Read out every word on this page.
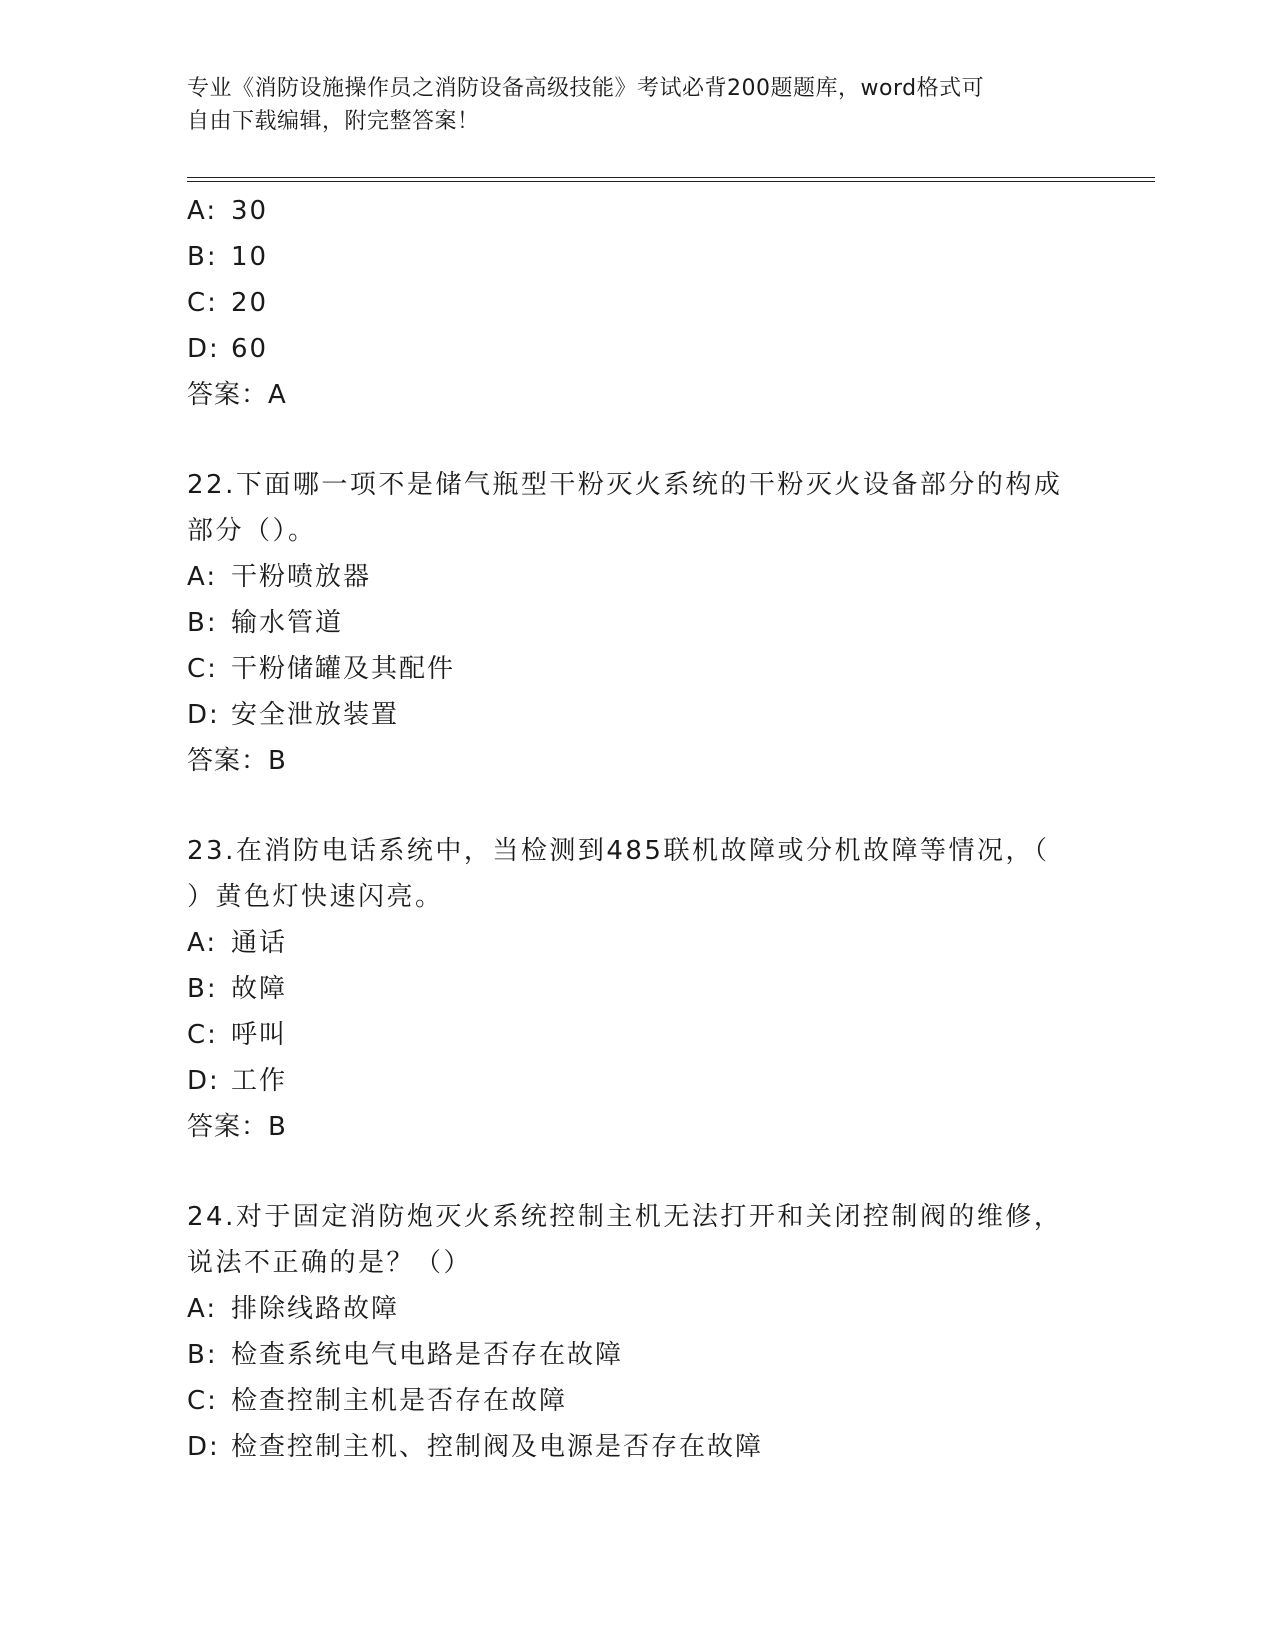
专业《消防设施操作员之消防设备高级技能》考试必背200题题库，word格式可
自由下载编辑，附完整答案！
A: 30
B: 10
C: 20
D: 60
答案：A
22.下面哪一项不是储气瓶型干粉灭火系统的干粉灭火设备部分的构成
部分（）。
A: 干粉喷放器
B: 输水管道
C: 干粉储罐及其配件
D: 安全泄放装置
答案：B
23.在消防电话系统中，当检测到485联机故障或分机故障等情况，（
）黄色灯快速闪亮。
A: 通话
B: 故障
C: 呼叫
D: 工作
答案：B
24.对于固定消防炮灭火系统控制主机无法打开和关闭控制阀的维修，
说法不正确的是？（）
A: 排除线路故障
B: 检查系统电气电路是否存在故障
C: 检查控制主机是否存在故障
D: 检查控制主机、控制阀及电源是否存在故障
